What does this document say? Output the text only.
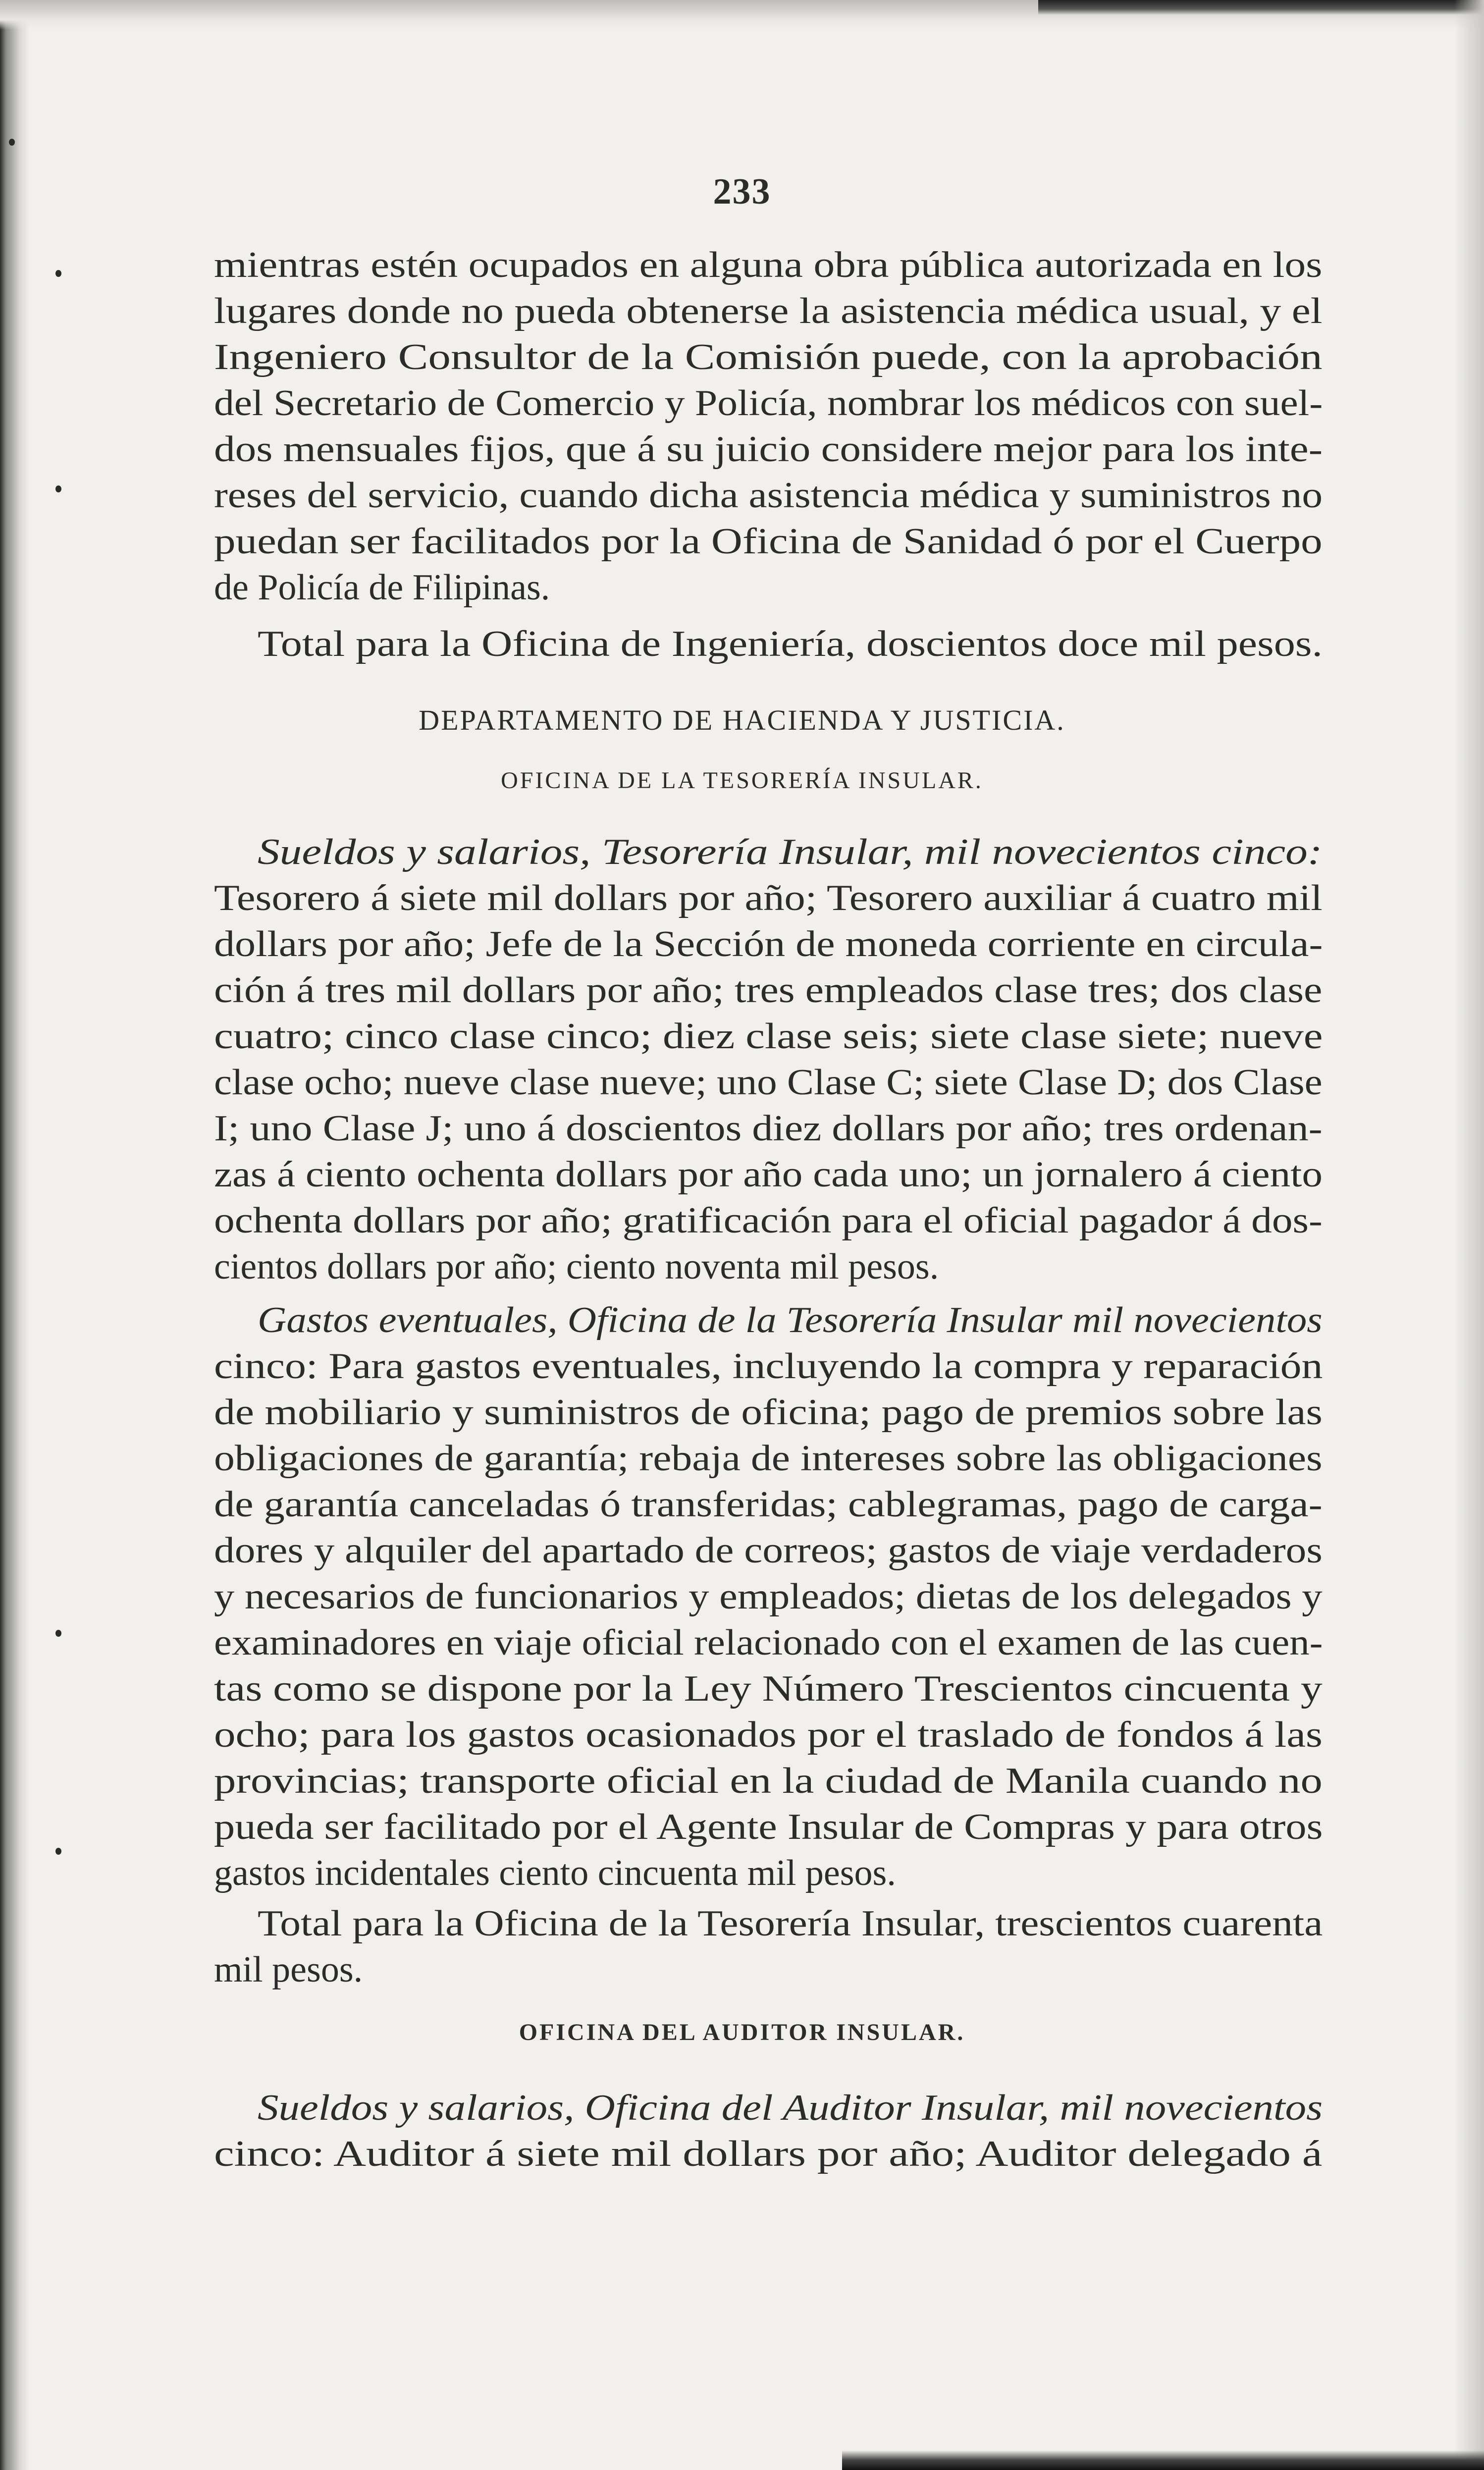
233
mientras estén ocupados en alguna obra pública autorizada en los
lugares donde no pueda obtenerse la asistencia médica usual, y el
Ingeniero Consultor de la Comisión puede, con la aprobación
del Secretario de Comercio y Policía, nombrar los médicos con suel-
dos mensuales fijos, que á su juicio considere mejor para los inte-
reses del servicio, cuando dicha asistencia médica y suministros no
puedan ser facilitados por la Oficina de Sanidad ó por el Cuerpo
de Policía de Filipinas.
Total para la Oficina de Ingeniería, doscientos doce mil pesos.
DEPARTAMENTO DE HACIENDA Y JUSTICIA.
OFICINA DE LA TESORERÍA INSULAR.
Sueldos y salarios, Tesorería Insular, mil novecientos cinco:
Tesorero á siete mil dollars por año; Tesorero auxiliar á cuatro mil
dollars por año; Jefe de la Sección de moneda corriente en circula-
ción á tres mil dollars por año; tres empleados clase tres; dos clase
cuatro; cinco clase cinco; diez clase seis; siete clase siete; nueve
clase ocho; nueve clase nueve; uno Clase C; siete Clase D; dos Clase
I; uno Clase J; uno á doscientos diez dollars por año; tres ordenan-
zas á ciento ochenta dollars por año cada uno; un jornalero á ciento
ochenta dollars por año; gratificación para el oficial pagador á dos-
cientos dollars por año; ciento noventa mil pesos.
Gastos eventuales, Oficina de la Tesorería Insular mil novecientos
cinco: Para gastos eventuales, incluyendo la compra y reparación
de mobiliario y suministros de oficina; pago de premios sobre las
obligaciones de garantía; rebaja de intereses sobre las obligaciones
de garantía canceladas ó transferidas; cablegramas, pago de carga-
dores y alquiler del apartado de correos; gastos de viaje verdaderos
y necesarios de funcionarios y empleados; dietas de los delegados y
examinadores en viaje oficial relacionado con el examen de las cuen-
tas como se dispone por la Ley Número Trescientos cincuenta y
ocho; para los gastos ocasionados por el traslado de fondos á las
provincias; transporte oficial en la ciudad de Manila cuando no
pueda ser facilitado por el Agente Insular de Compras y para otros
gastos incidentales ciento cincuenta mil pesos.
Total para la Oficina de la Tesorería Insular, trescientos cuarenta
mil pesos.
OFICINA DEL AUDITOR INSULAR.
Sueldos y salarios, Oficina del Auditor Insular, mil novecientos
cinco: Auditor á siete mil dollars por año; Auditor delegado á
